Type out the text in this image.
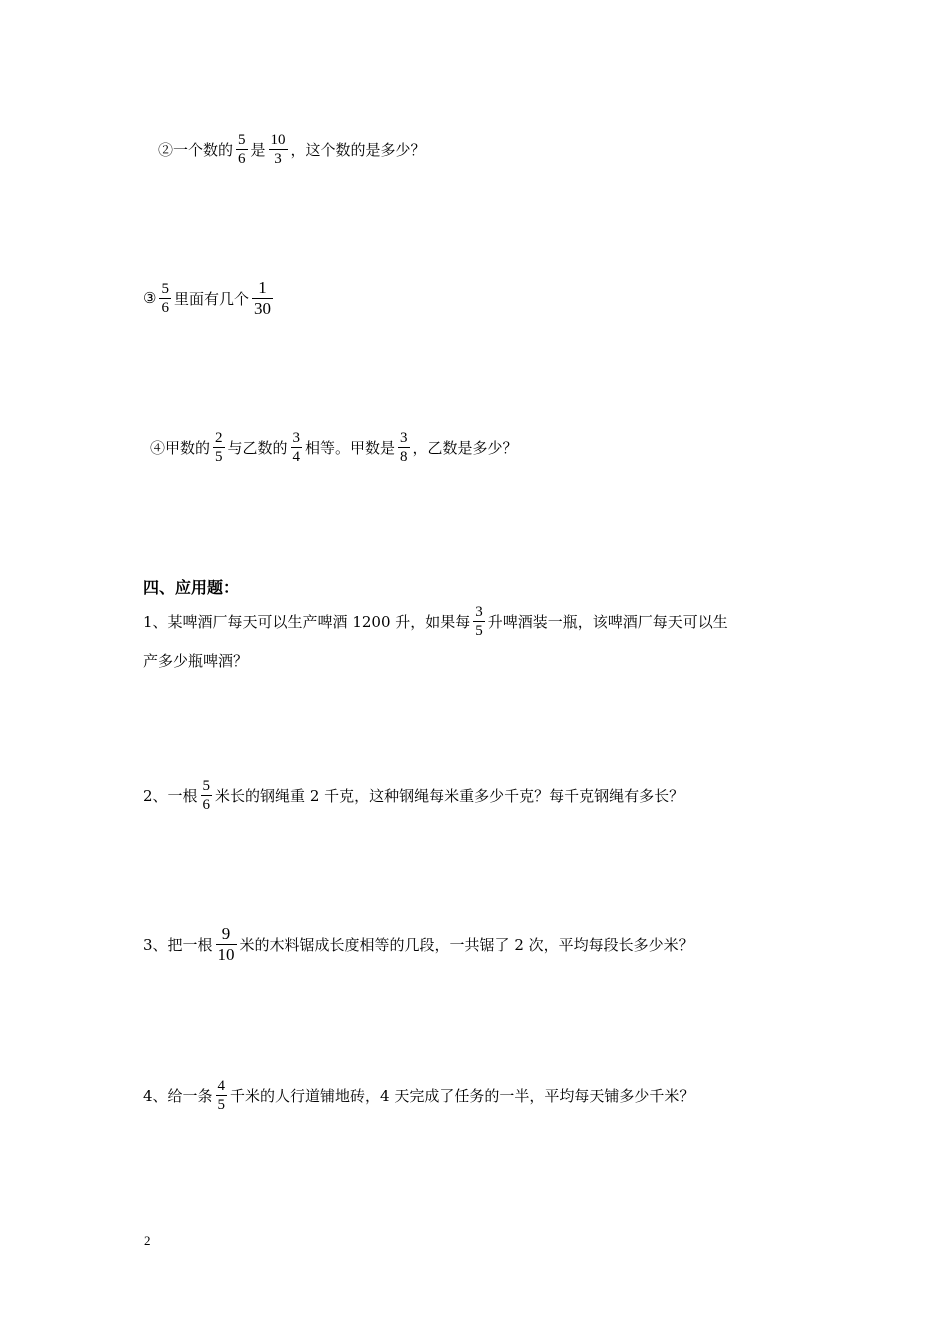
②一个数的 $\frac{5}{6}$ 是 $\frac{10}{3}$ ，这个数的是多少？
③ $\frac{5}{6}$ 里面有几个 $\frac{1}{30}$
④甲数的 $\frac{2}{5}$ 与乙数的 $\frac{3}{4}$ 相等。甲数是 $\frac{3}{8}$ ，乙数是多少？
四、应用题：
1、某啤酒厂每天可以生产啤酒 1200 升，如果每 $\frac{3}{5}$ 升啤酒装一瓶，该啤酒厂每天可以生
产多少瓶啤酒？
2、一根 $\frac{5}{6}$ 米长的钢绳重 2 千克，这种钢绳每米重多少千克？每千克钢绳有多长？
3、把一根 $\frac{9}{10}$ 米的木料锯成长度相等的几段，一共锯了 2 次，平均每段长多少米？
4、给一条 $\frac{4}{5}$ 千米的人行道铺地砖，4 天完成了任务的一半，平均每天铺多少千米？
2
